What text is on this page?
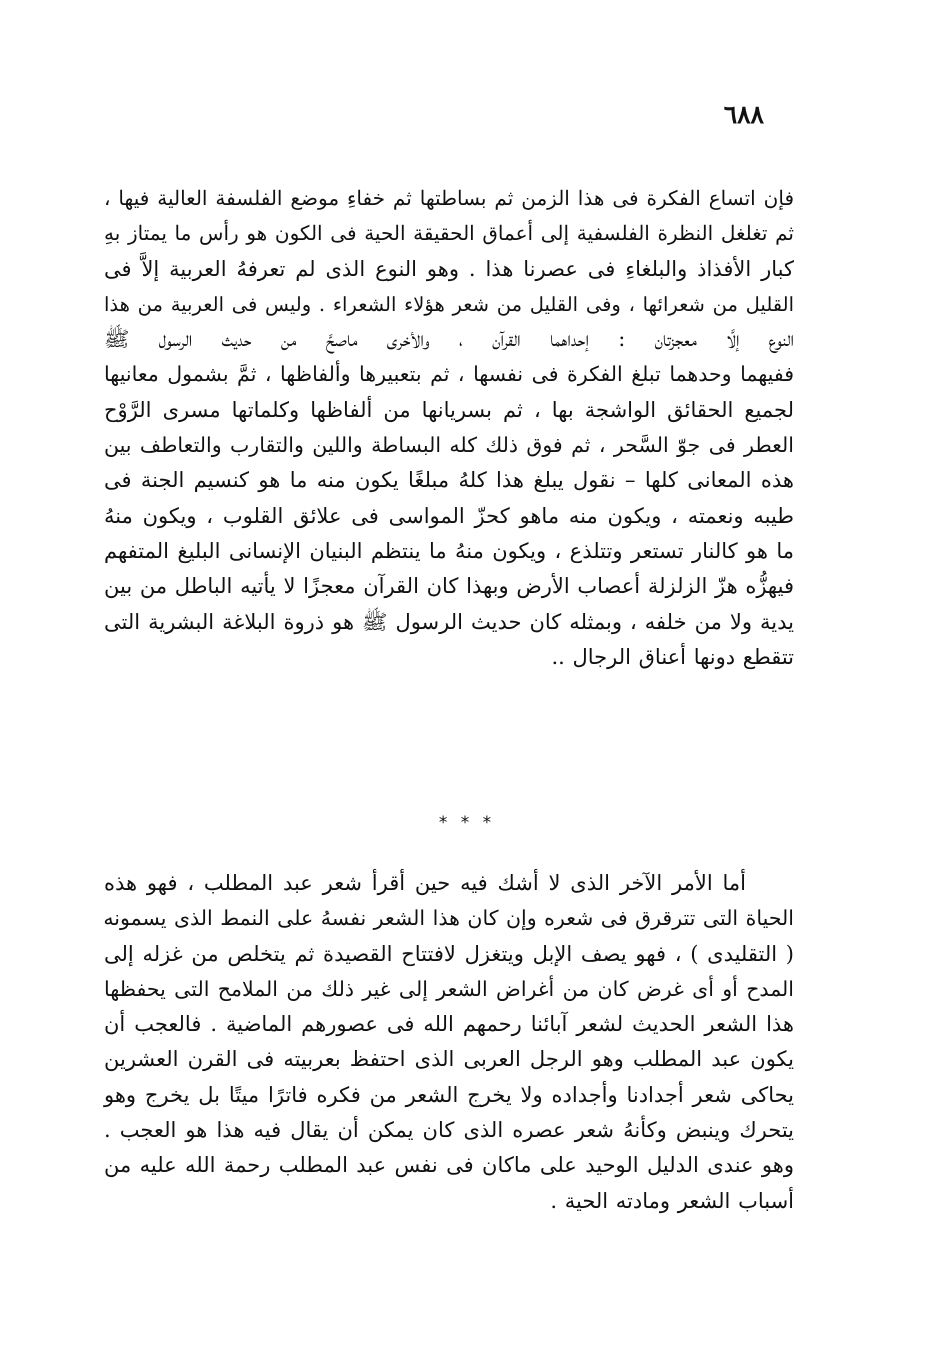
٦٨٨
فإن اتساع الفكرة فى هذا الزمن ثم بساطتها ثم خفاءِ موضع الفلسفة العالية فيها ،
ثم تغلغل النظرة الفلسفية إلى أعماق الحقيقة الحية فى الكون هو رأس ما يمتاز بهِ
كبار الأفذاذ والبلغاءِ فى عصرنا هذا . وهو النوع الذى لم تعرفهُ العربية إلاَّ فى
القليل من شعرائها ، وفى القليل من شعر هؤلاء الشعراء . وليس فى العربية من هذا
النوع إلَّا معجزتان : إحداهما القرآن ، والأخرى ماصحَّ من حديث الرسول ﷺ
ففيهما وحدهما تبلغ الفكرة فى نفسها ، ثم بتعبيرها وألفاظها ، ثمَّ بشمول معانيها
لجميع الحقائق الواشجة بها ، ثم بسريانها من ألفاظها وكلماتها مسرى الرَّوْح
العطر فى جوّ السَّحر ، ثم فوق ذلك كله البساطة واللين والتقارب والتعاطف بين
هذه المعانى كلها – نقول يبلغ هذا كلهُ مبلغًا يكون منه ما هو كنسيم الجنة فى
طيبه ونعمته ، ويكون منه ماهو كحزّ المواسى فى علائق القلوب ، ويكون منهُ
ما هو كالنار تستعر وتتلذع ، ويكون منهُ ما ينتظم البنيان الإنسانى البليغ المتفهم
فيهزُّه هزّ الزلزلة أعصاب الأرض وبهذا كان القرآن معجزًا لا يأتيه الباطل من بين
يدية ولا من خلفه ، وبمثله كان حديث الرسول ﷺ هو ذروة البلاغة البشرية التى
تتقطع دونها أعناق الرجال ..
* * *
أما الأمر الآخر الذى لا أشك فيه حين أقرأ شعر عبد المطلب ، فهو هذه
الحياة التى تترقرق فى شعره وإن كان هذا الشعر نفسهُ على النمط الذى يسمونه
( التقليدى ) ، فهو يصف الإبل ويتغزل لافتتاح القصيدة ثم يتخلص من غزله إلى
المدح أو أى غرض كان من أغراض الشعر إلى غير ذلك من الملامح التى يحفظها
هذا الشعر الحديث لشعر آبائنا رحمهم الله فى عصورهم الماضية . فالعجب أن
يكون عبد المطلب وهو الرجل العربى الذى احتفظ بعربيته فى القرن العشرين
يحاكى شعر أجدادنا وأجداده ولا يخرج الشعر من فكره فاترًا ميتًا بل يخرج وهو
يتحرك وينبض وكأنهُ شعر عصره الذى كان يمكن أن يقال فيه هذا هو العجب .
وهو عندى الدليل الوحيد على ماكان فى نفس عبد المطلب رحمة الله عليه من
أسباب الشعر ومادته الحية .
